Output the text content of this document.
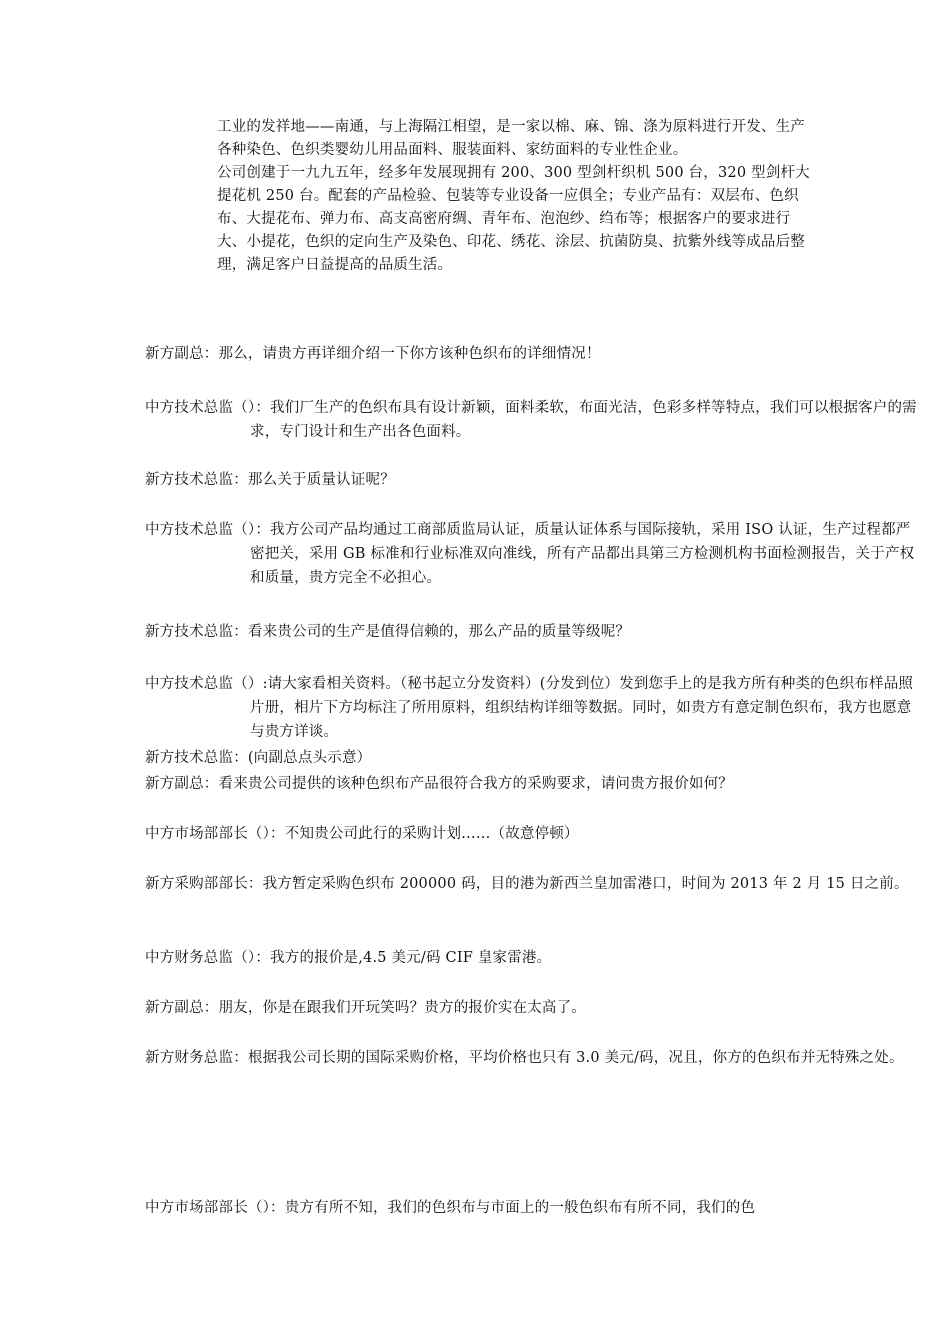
工业的发祥地——南通，与上海隔江相望，是一家以棉、麻、锦、涤为原料进行开发、生产各种染色、色织类婴幼儿用品面料、服装面料、家纺面料的专业性企业。

公司创建于一九九五年，经多年发展现拥有 200、300 型剑杆织机 500 台，320 型剑杆大提花机 250 台。配套的产品检验、包装等专业设备一应俱全；专业产品有：双层布、色织布、大提花布、弹力布、高支高密府绸、青年布、泡泡纱、绉布等；根据客户的要求进行大、小提花，色织的定向生产及染色、印花、绣花、涂层、抗菌防臭、抗紫外线等成品后整理，满足客户日益提高的品质生活。

新方副总：那么，请贵方再详细介绍一下你方该种色织布的详细情况！
中方技术总监（）：我们厂生产的色织布具有设计新颖，面料柔软，布面光洁，色彩多样等特点，我们可以根据客户的需求，专门设计和生产出各色面料。
新方技术总监：那么关于质量认证呢？
中方技术总监（）：我方公司产品均通过工商部质监局认证，质量认证体系与国际接轨，采用 ISO 认证，生产过程都严密把关，采用 GB 标准和行业标准双向准线，所有产品都出具第三方检测机构书面检测报告，关于产权和质量，贵方完全不必担心。
新方技术总监：看来贵公司的生产是值得信赖的，那么产品的质量等级呢？
中方技术总监（）:请大家看相关资料。（秘书起立分发资料）(分发到位）发到您手上的是我方所有种类的色织布样品照片册，相片下方均标注了所用原料，组织结构详细等数据。同时，如贵方有意定制色织布，我方也愿意与贵方详谈。
新方技术总监：(向副总点头示意）
新方副总：看来贵公司提供的该种色织布产品很符合我方的采购要求，请问贵方报价如何？
中方市场部部长（）：不知贵公司此行的采购计划……（故意停顿）
新方采购部部长：我方暂定采购色织布 200000 码，目的港为新西兰皇加雷港口，时间为 2013 年 2 月 15 日之前。
中方财务总监（）：我方的报价是,4.5 美元/码 CIF 皇家雷港。
新方副总：朋友，你是在跟我们开玩笑吗？贵方的报价实在太高了。
新方财务总监：根据我公司长期的国际采购价格，平均价格也只有 3.0 美元/码，况且，你方的色织布并无特殊之处。
中方市场部部长（）：贵方有所不知，我们的色织布与市面上的一般色织布有所不同，我们的色
